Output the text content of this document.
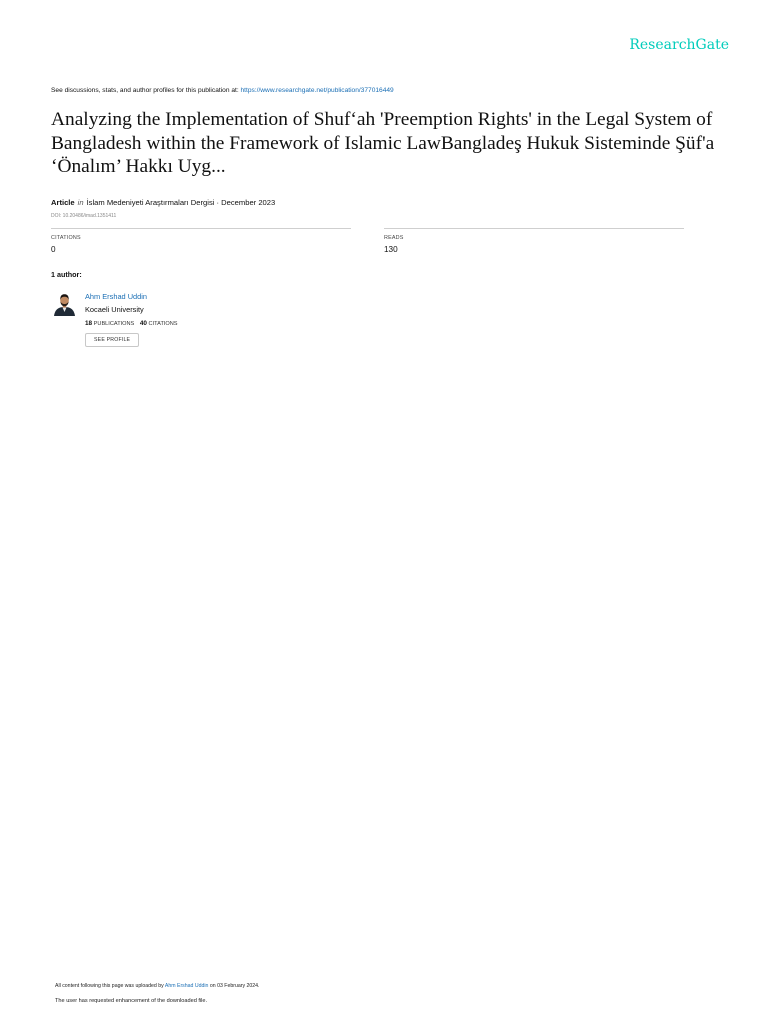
ResearchGate
See discussions, stats, and author profiles for this publication at: https://www.researchgate.net/publication/377016449
Analyzing the Implementation of Shuf‘ah 'Preemption Rights' in the Legal System of Bangladesh within the Framework of Islamic LawBangladeş Hukuk Sisteminde Şüf'a ‘Önalım’ Hakkı Uyg...
Article in İslam Medeniyeti Araştırmaları Dergisi · December 2023
DOI: 10.20486/imad.1351411
CITATIONS
0
READS
130
1 author:
Ahm Ershad Uddin
Kocaeli University
18 PUBLICATIONS 40 CITATIONS
SEE PROFILE
All content following this page was uploaded by Ahm Ershad Uddin on 03 February 2024.
The user has requested enhancement of the downloaded file.
